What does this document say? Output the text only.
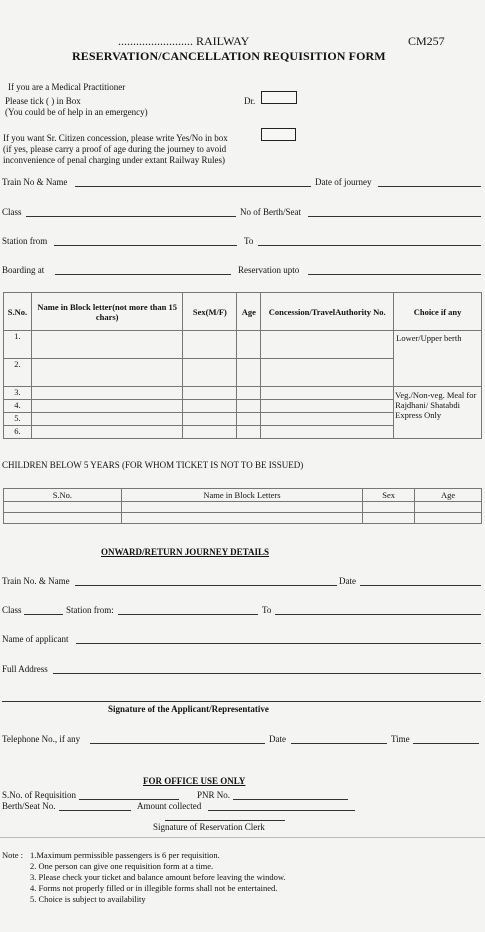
......................... RAILWAY	CM257
RESERVATION/CANCELLATION REQUISITION FORM
If you are a Medical Practitioner
Please tick ( ) in Box
(You could be of help in an emergency)
Dr.
If you want Sr. Citizen concession, please write Yes/No in box
(if yes, please carry a proof of age during the journey to avoid
inconvenience of penal charging under extant Railway Rules)
Train No & Name	Date of journey
Class	No of Berth/Seat
Station from	To
Boarding at	Reservation upto
S.No.	Name in Block letter(not more than 15 chars)	Sex(M/F)	Age	Concession/TravelAuthority No.	Choice if any
1.					Lower/Upper berth
2.					
3.					Veg./Non-veg. Meal for Rajdhani/ Shatabdi Express Only
4.					
5.					
6.					
CHILDREN BELOW 5 YEARS (FOR WHOM TICKET IS NOT TO BE ISSUED)
S.No.	Name in Block Letters	Sex	Age

ONWARD/RETURN JOURNEY DETAILS
Train No. & Name	Date
Class	Station from:	To
Name of applicant
Full Address
Signature of the Applicant/Representative
Telephone No., if any	Date	Time
FOR OFFICE USE ONLY
S.No. of Requisition	PNR No.
Berth/Seat No.	Amount collected
Signature of Reservation Clerk
Note : 1.Maximum permissible passengers is 6 per requisition.
2. One person can give one requisition form at a time.
3. Please check your ticket and balance amount before leaving the window.
4. Forms not properly filled or in illegible forms shall not be entertained.
5. Choice is subject to availability
